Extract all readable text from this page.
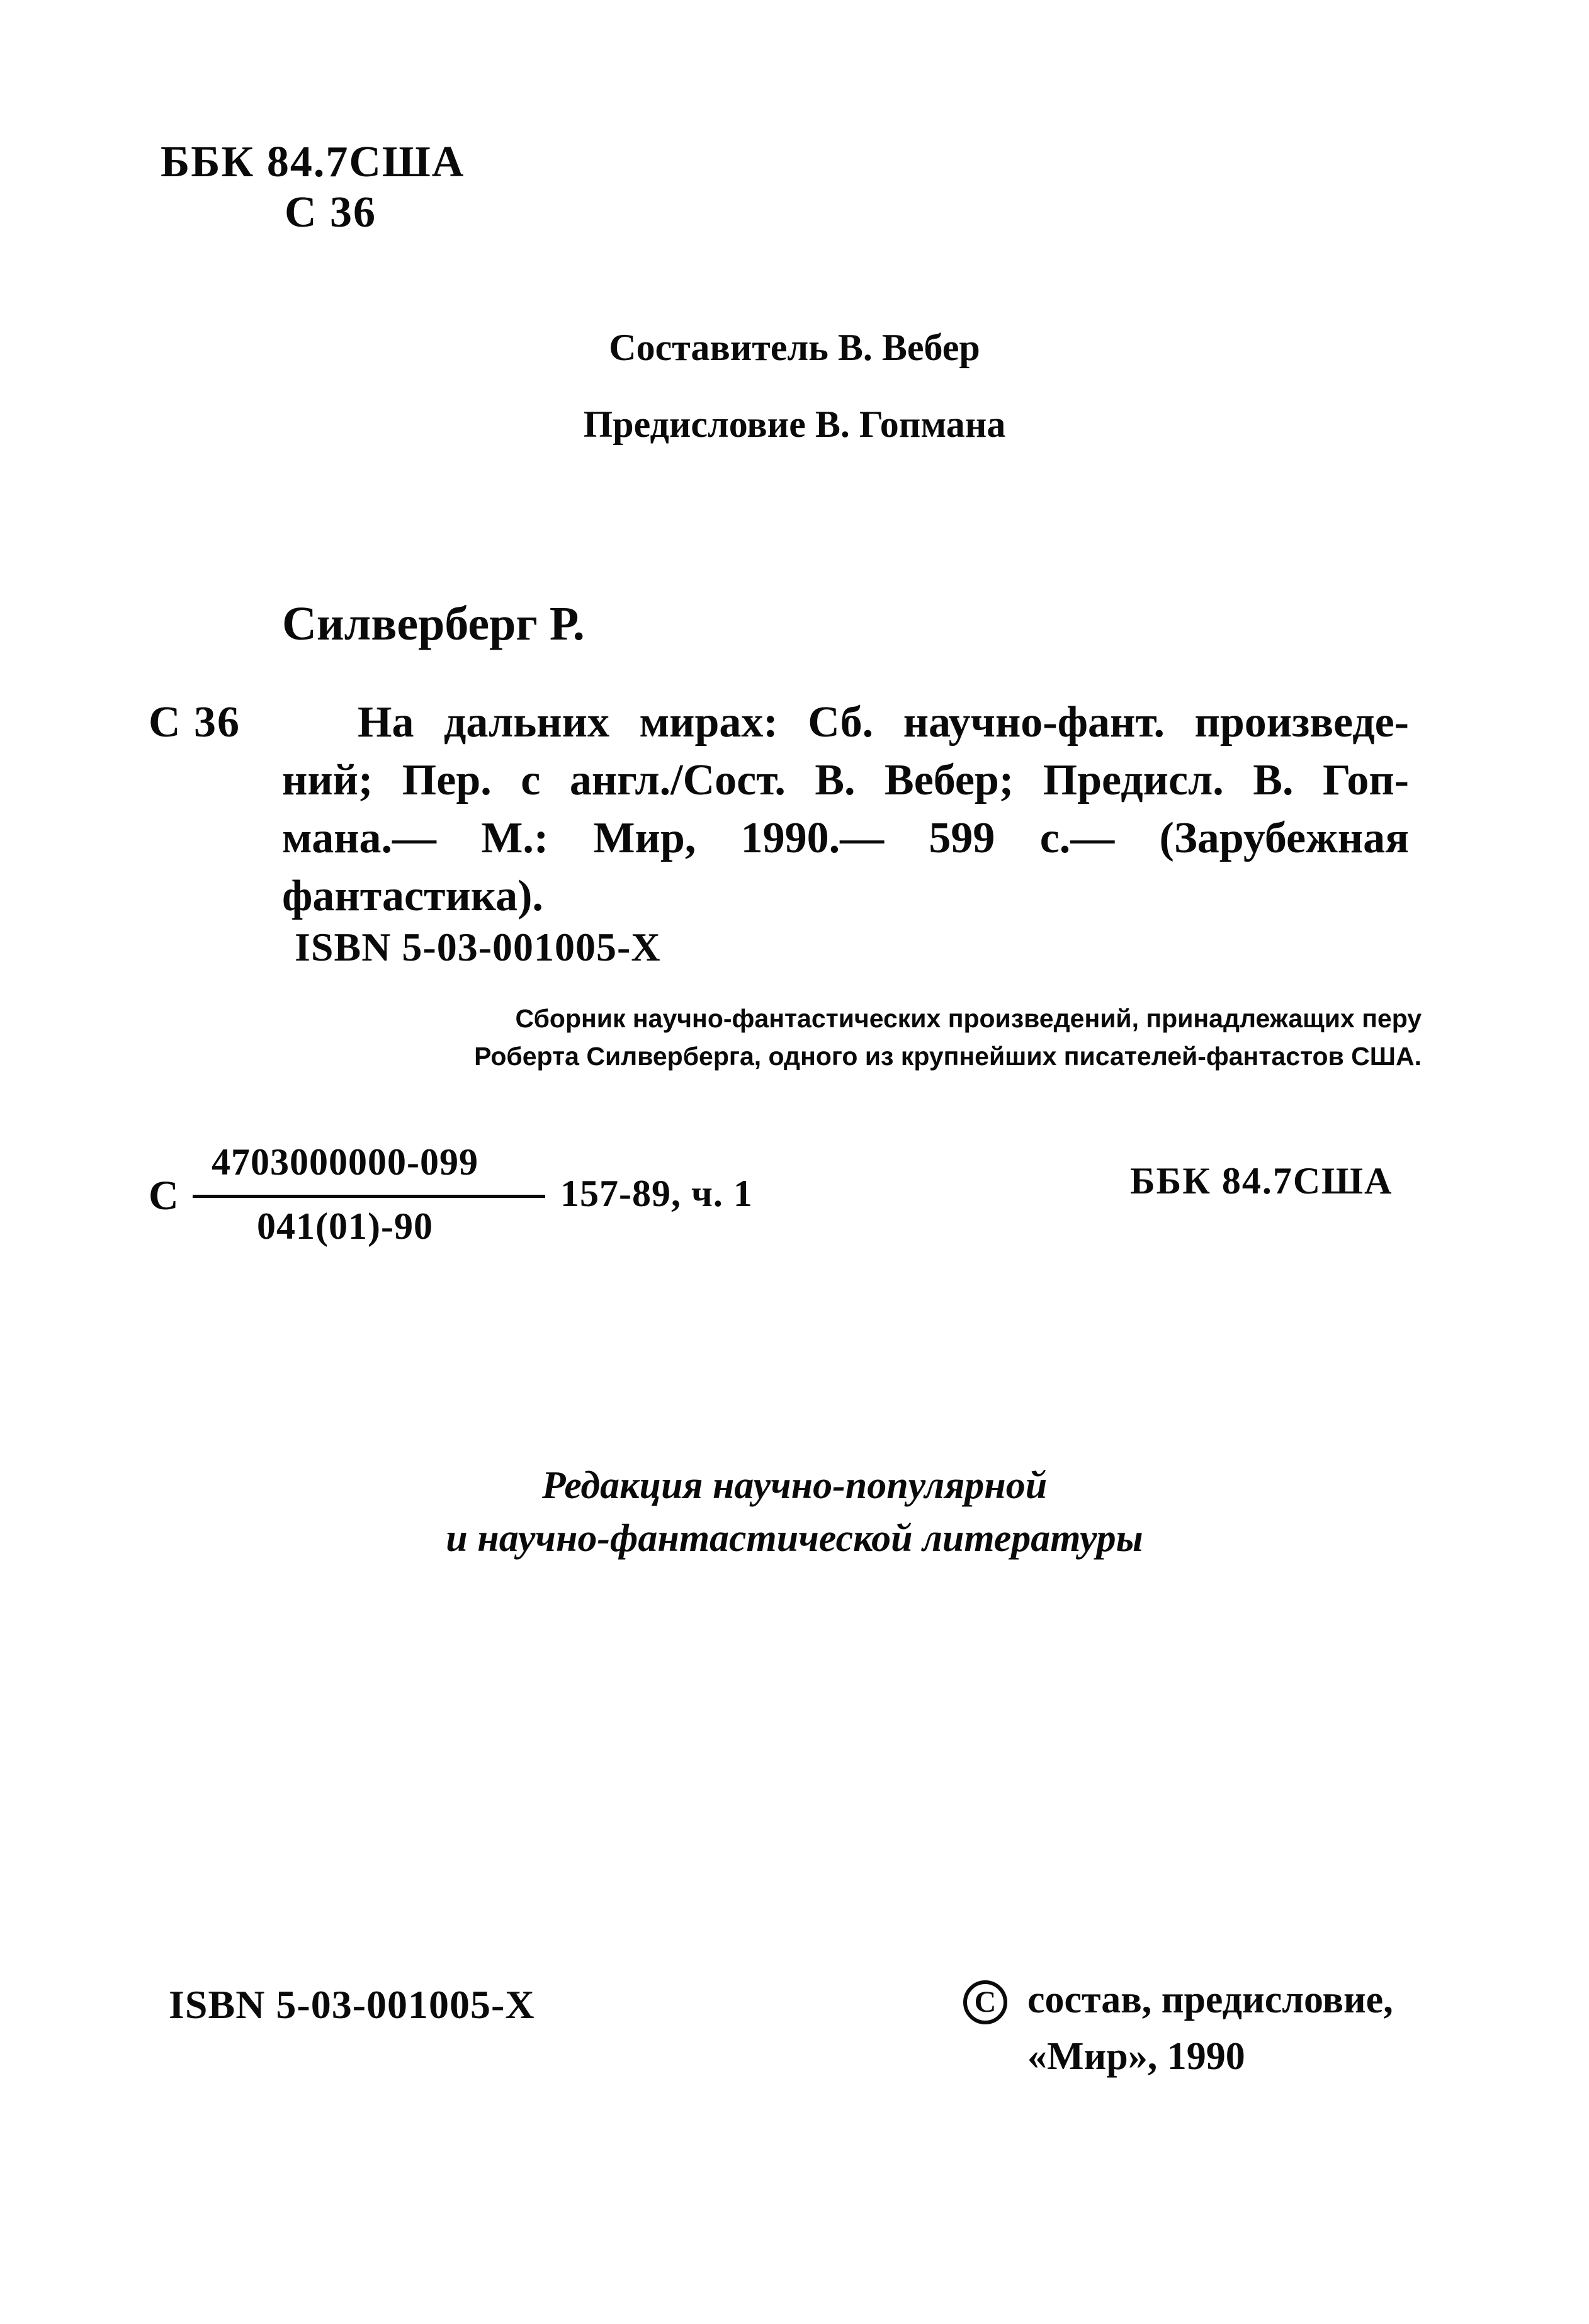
ББК 84.7США
С 36
Составитель В. Вебер
Предисловие В. Гопмана
Силверберг Р.
С 36	На дальних мирах: Сб. научно-фант. произведе-
ний; Пер. с англ./Сост. В. Вебер; Предисл. В. Гоп-
мана.— М.: Мир, 1990.— 599 с.— (Зарубежная
фантастика).
ISBN 5-03-001005-X
Сборник научно-фантастических произведений, принадлежащих перу
Роберта Силверберга, одного из крупнейших писателей-фантастов США.
С
4703000000-099
041(01)-90
157-89, ч. 1	ББК 84.7США
Редакция научно-популярной
и научно-фантастической литературы
ISBN 5-03-001005-X	С состав, предисловие,
«Мир», 1990
